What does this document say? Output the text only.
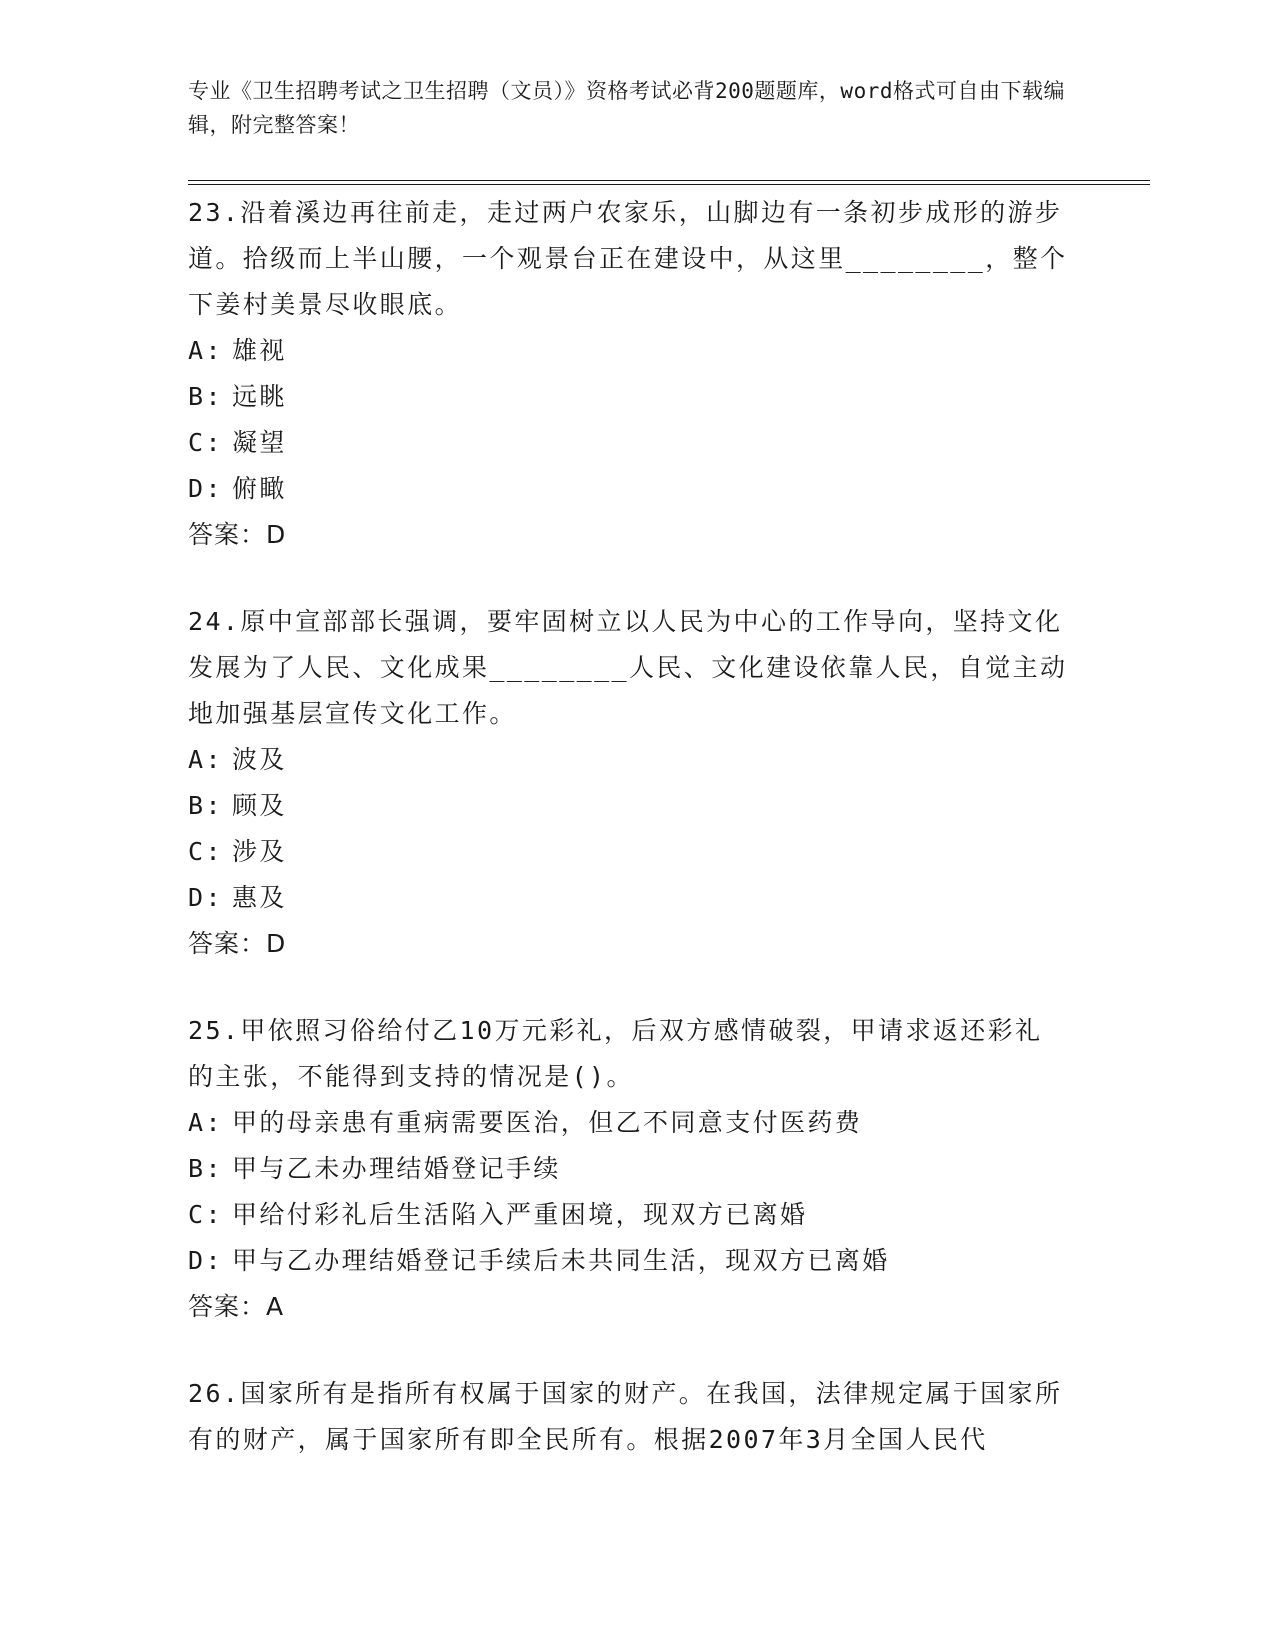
专业《卫生招聘考试之卫生招聘（文员）》资格考试必背200题题库，word格式可自由下载编辑，附完整答案！

23.沿着溪边再往前走，走过两户农家乐，山脚边有一条初步成形的游步道。拾级而上半山腰，一个观景台正在建设中，从这里________，整个下姜村美景尽收眼底。

A: 雄视

B: 远眺

C: 凝望

D: 俯瞰

答案：D

24.原中宣部部长强调，要牢固树立以人民为中心的工作导向，坚持文化发展为了人民、文化成果________人民、文化建设依靠人民，自觉主动地加强基层宣传文化工作。

A: 波及

B: 顾及

C: 涉及

D: 惠及

答案：D

25.甲依照习俗给付乙10万元彩礼，后双方感情破裂，甲请求返还彩礼的主张，不能得到支持的情况是()。

A: 甲的母亲患有重病需要医治，但乙不同意支付医药费

B: 甲与乙未办理结婚登记手续

C: 甲给付彩礼后生活陷入严重困境，现双方已离婚

D: 甲与乙办理结婚登记手续后未共同生活，现双方已离婚

答案：A

26.国家所有是指所有权属于国家的财产。在我国，法律规定属于国家所有的财产，属于国家所有即全民所有。根据2007年3月全国人民代
